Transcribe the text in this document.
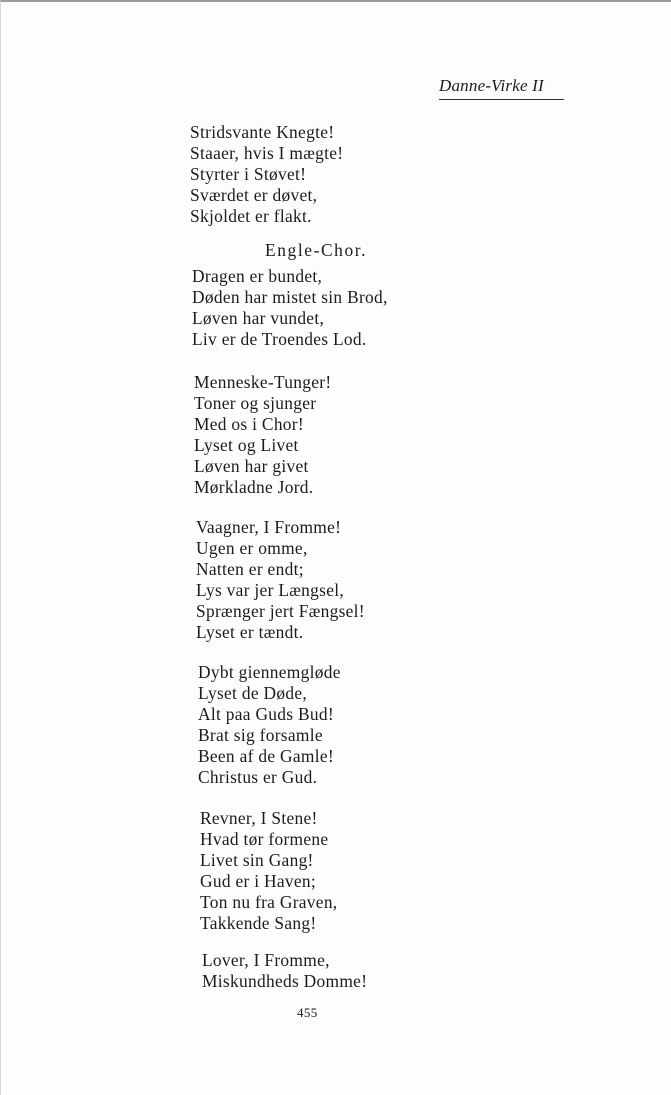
Danne-Virke II
Stridsvante Knegte!
Staaer, hvis I mægte!
Styrter i Støvet!
Sværdet er døvet,
Skjoldet er flakt.
Engle-Chor.
Dragen er bundet,
Døden har mistet sin Brod,
Løven har vundet,
Liv er de Troendes Lod.
Menneske-Tunger!
Toner og sjunger
Med os i Chor!
Lyset og Livet
Løven har givet
Mørkladne Jord.
Vaagner, I Fromme!
Ugen er omme,
Natten er endt;
Lys var jer Længsel,
Sprænger jert Fængsel!
Lyset er tændt.
Dybt giennemgløde
Lyset de Døde,
Alt paa Guds Bud!
Brat sig forsamle
Been af de Gamle!
Christus er Gud.
Revner, I Stene!
Hvad tør formene
Livet sin Gang!
Gud er i Haven;
Ton nu fra Graven,
Takkende Sang!
Lover, I Fromme,
Miskundheds Domme!
455
